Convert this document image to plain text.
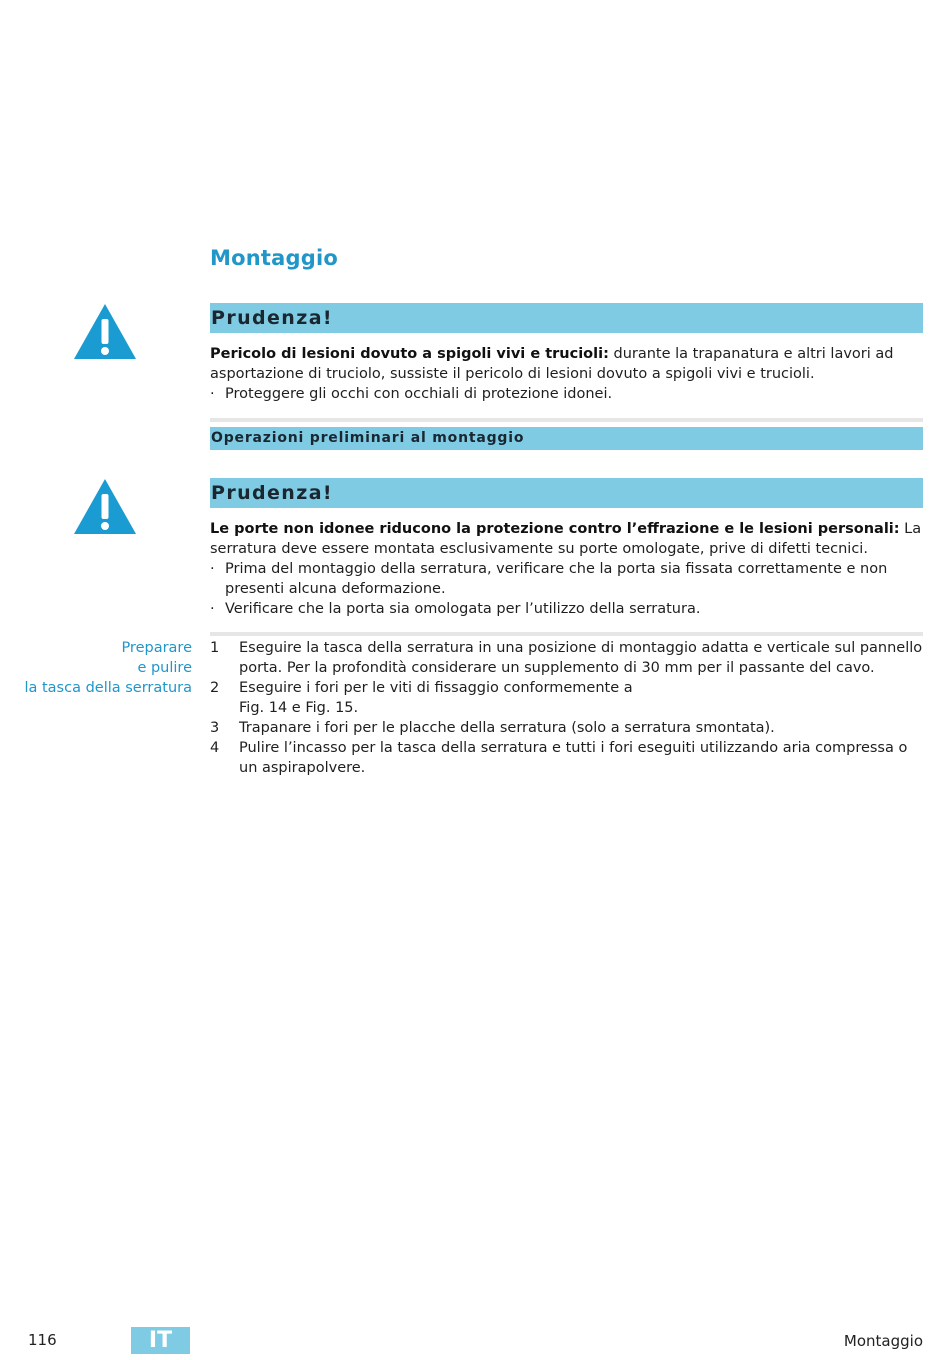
Montaggio
Prudenza!
Pericolo di lesioni dovuto a spigoli vivi e trucioli: durante la trapanatura e altri lavori ad asportazione di truciolo, sussiste il pericolo di lesioni dovuto a spigoli vivi e trucioli.
· Proteggere gli occhi con occhiali di protezione idonei.
Operazioni preliminari al montaggio
Prudenza!
Le porte non idonee riducono la protezione contro l’effrazione e le lesioni personali: La serratura deve essere montata esclusivamente su porte omologate, prive di difetti tecnici.
· Prima del montaggio della serratura, verificare che la porta sia fissata correttamente e non presenti alcuna deformazione.
· Verificare che la porta sia omologata per l’utilizzo della serratura.
Preparare
e pulire
la tasca della serratura
1 Eseguire la tasca della serratura in una posizione di montaggio adatta e verticale sul pannello porta. Per la profondità considerare un supplemento di 30 mm per il passante del cavo.
2 Eseguire i fori per le viti di fissaggio conformemente a
Fig. 14 e Fig. 15.
3 Trapanare i fori per le placche della serratura (solo a serratura smontata).
4 Pulire l’incasso per la tasca della serratura e tutti i fori eseguiti utilizzando aria compressa o un aspirapolvere.
116	IT	Montaggio
